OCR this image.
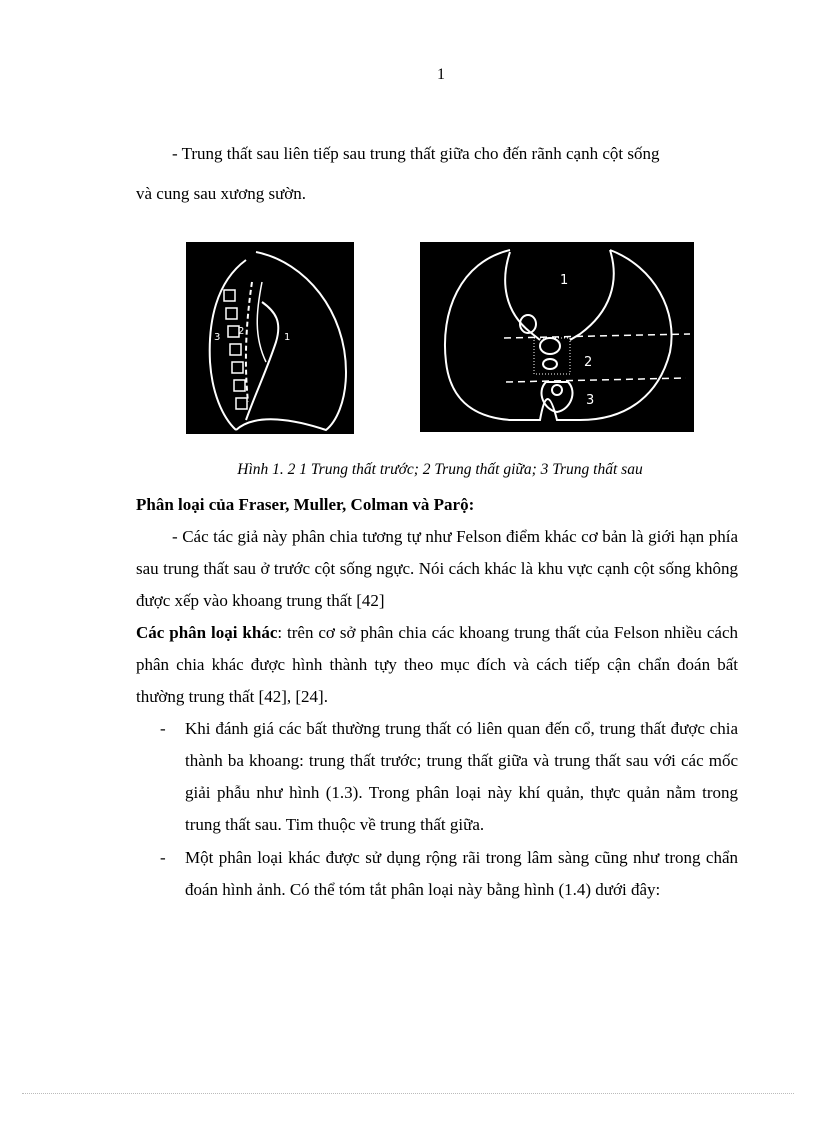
1
- Trung thất sau liên tiếp sau trung thất giữa cho đến rãnh cạnh cột sống
và cung sau xương sườn.
1
2
3
1
2
3
Hình 1. 2 1 Trung thất trước; 2 Trung thất giữa; 3 Trung thất sau
Phân loại của Fraser, Muller, Colman và Parộ:
- Các tác giả này phân chia tương tự như Felson điểm khác cơ bản là giới hạn phía sau trung thất sau ở trước cột sống ngực. Nói cách khác là khu vực cạnh cột sống không được xếp vào khoang trung thất [42]
Các phân loại khác: trên cơ sở phân chia các khoang trung thất của Felson nhiều cách phân chia khác được hình thành tựy theo mục đích và cách tiếp cận chẩn đoán bất thường trung thất [42], [24].
- Khi đánh giá các bất thường trung thất có liên quan đến cổ, trung thất được chia thành ba khoang: trung thất trước; trung thất giữa và trung thất sau với các mốc giải phẫu như hình (1.3). Trong phân loại này khí quản, thực quản nằm trong trung thất sau. Tim thuộc về trung thất giữa.
- Một phân loại khác được sử dụng rộng rãi trong lâm sàng cũng như trong chẩn đoán hình ảnh. Có thể tóm tắt phân loại này bằng hình (1.4) dưới đây:
